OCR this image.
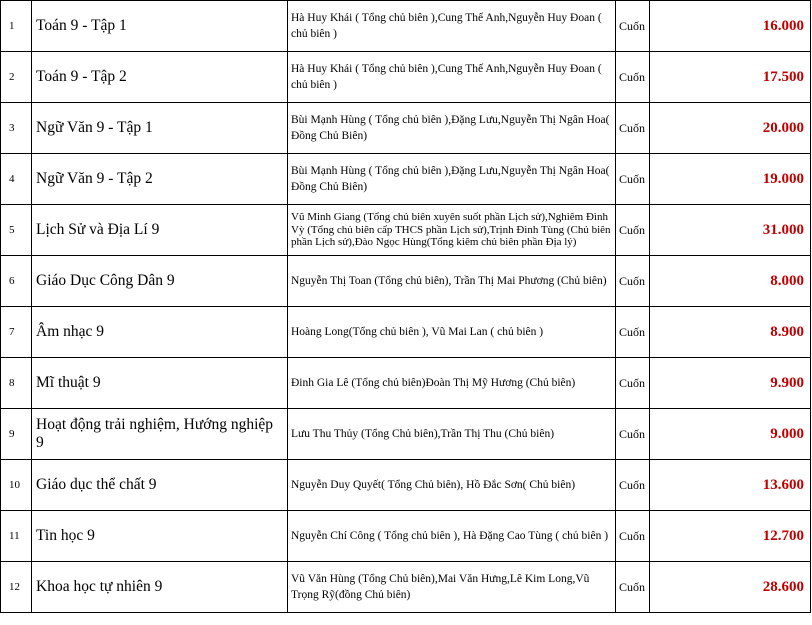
1	Toán 9 - Tập 1	Hà Huy Khái ( Tổng chủ biên ),Cung Thế Anh,Nguyễn Huy Đoan ( chủ biên )	Cuốn	16.000
2	Toán 9 - Tập 2	Hà Huy Khái ( Tổng chủ biên ),Cung Thế Anh,Nguyễn Huy Đoan ( chủ biên )	Cuốn	17.500
3	Ngữ Văn 9 - Tập 1	Bùi Mạnh Hùng ( Tổng chủ biên ),Đặng Lưu,Nguyễn Thị Ngân Hoa( Đồng Chủ Biên)	Cuốn	20.000
4	Ngữ Văn 9 - Tập 2	Bùi Mạnh Hùng ( Tổng chủ biên ),Đặng Lưu,Nguyễn Thị Ngân Hoa( Đồng Chủ Biên)	Cuốn	19.000
5	Lịch Sử và Địa Lí 9	Vũ Minh Giang (Tổng chủ biên xuyên suốt phần Lịch sử),Nghiêm Đình Vỳ (Tổng chủ biên cấp THCS phần Lịch sử),Trịnh Đình Tùng (Chủ biên phần Lịch sử),Đào Ngọc Hùng(Tổng kiêm chủ biên phần Địa lý)	Cuốn	31.000
6	Giáo Dục Công Dân 9	Nguyễn Thị Toan (Tổng chủ biên), Trần Thị Mai Phương (Chủ biên)	Cuốn	8.000
7	Âm nhạc 9	Hoàng Long(Tổng chủ biên ), Vũ Mai Lan ( chủ biên )	Cuốn	8.900
8	Mĩ thuật 9	Đinh Gia Lê (Tổng chủ biên)Đoàn Thị Mỹ Hương (Chủ biên)	Cuốn	9.900
9	Hoạt động trải nghiệm, Hướng nghiệp 9	Lưu Thu Thủy (Tổng Chủ biên),Trần Thị Thu (Chủ biên)	Cuốn	9.000
10	Giáo dục thể chất 9	Nguyễn Duy Quyết( Tổng Chủ biên), Hồ Đắc Sơn( Chủ biên)	Cuốn	13.600
11	Tin học 9	Nguyễn Chí Công ( Tổng chủ biên ), Hà Đặng Cao Tùng ( chủ biên )	Cuốn	12.700
12	Khoa học tự nhiên 9	Vũ Văn Hùng (Tổng Chủ biên),Mai Văn Hưng,Lê Kim Long,Vũ Trọng Rỹ(đồng Chủ biên)	Cuốn	28.600
